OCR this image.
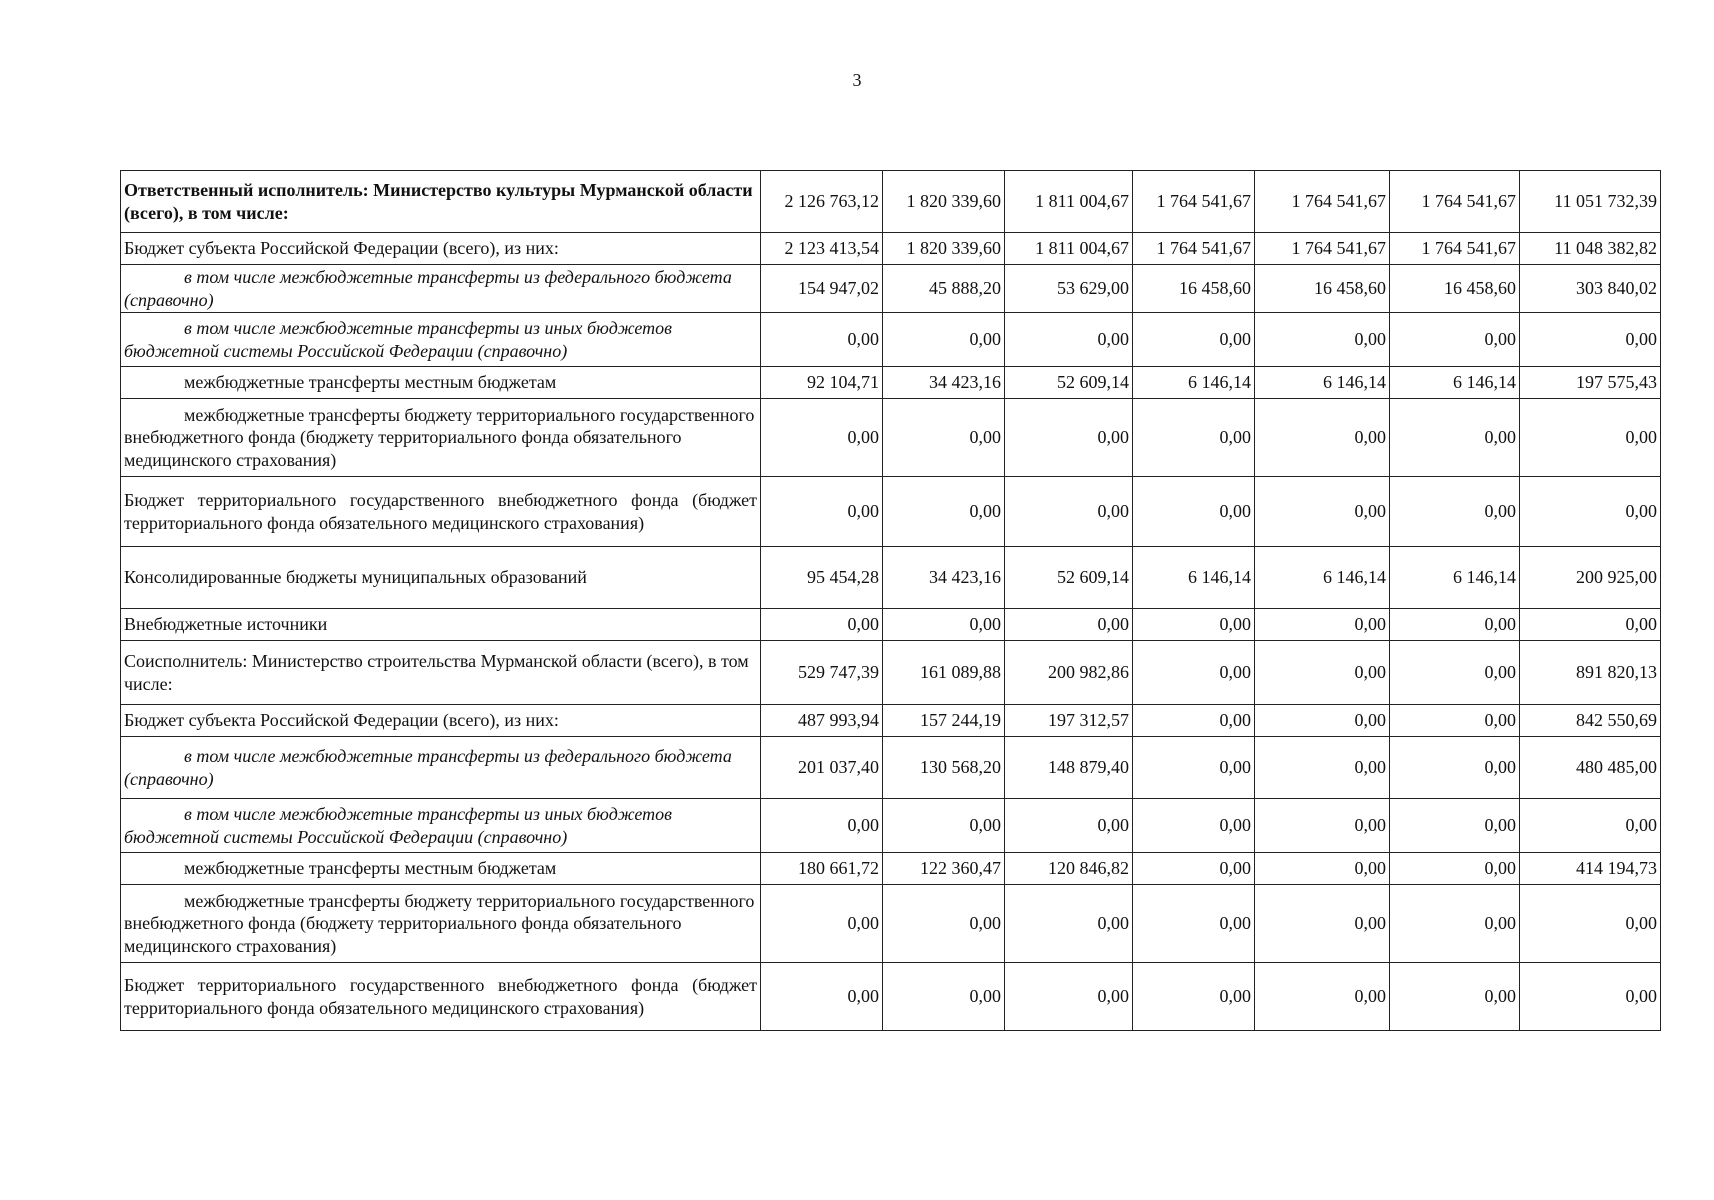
3
Ответственный исполнитель: Министерство культуры Мурманской области (всего), в том числе:	2 126 763,12	1 820 339,60	1 811 004,67	1 764 541,67	1 764 541,67	1 764 541,67	11 051 732,39
Бюджет субъекта Российской Федерации (всего), из них:	2 123 413,54	1 820 339,60	1 811 004,67	1 764 541,67	1 764 541,67	1 764 541,67	11 048 382,82
в том числе межбюджетные трансферты из федерального бюджета (справочно)	154 947,02	45 888,20	53 629,00	16 458,60	16 458,60	16 458,60	303 840,02
в том числе межбюджетные трансферты из иных бюджетов бюджетной системы Российской Федерации (справочно)	0,00	0,00	0,00	0,00	0,00	0,00	0,00
межбюджетные трансферты местным бюджетам	92 104,71	34 423,16	52 609,14	6 146,14	6 146,14	6 146,14	197 575,43
межбюджетные трансферты бюджету территориального государственного внебюджетного фонда (бюджету территориального фонда обязательного медицинского страхования)	0,00	0,00	0,00	0,00	0,00	0,00	0,00
Бюджет территориального государственного внебюджетного фонда (бюджет территориального фонда обязательного медицинского страхования)	0,00	0,00	0,00	0,00	0,00	0,00	0,00
Консолидированные бюджеты муниципальных образований	95 454,28	34 423,16	52 609,14	6 146,14	6 146,14	6 146,14	200 925,00
Внебюджетные источники	0,00	0,00	0,00	0,00	0,00	0,00	0,00
Соисполнитель: Министерство строительства Мурманской области (всего), в том числе:	529 747,39	161 089,88	200 982,86	0,00	0,00	0,00	891 820,13
Бюджет субъекта Российской Федерации (всего), из них:	487 993,94	157 244,19	197 312,57	0,00	0,00	0,00	842 550,69
в том числе межбюджетные трансферты из федерального бюджета (справочно)	201 037,40	130 568,20	148 879,40	0,00	0,00	0,00	480 485,00
в том числе межбюджетные трансферты из иных бюджетов бюджетной системы Российской Федерации (справочно)	0,00	0,00	0,00	0,00	0,00	0,00	0,00
межбюджетные трансферты местным бюджетам	180 661,72	122 360,47	120 846,82	0,00	0,00	0,00	414 194,73
межбюджетные трансферты бюджету территориального государственного внебюджетного фонда (бюджету территориального фонда обязательного медицинского страхования)	0,00	0,00	0,00	0,00	0,00	0,00	0,00
Бюджет территориального государственного внебюджетного фонда (бюджет территориального фонда обязательного медицинского страхования)	0,00	0,00	0,00	0,00	0,00	0,00	0,00
